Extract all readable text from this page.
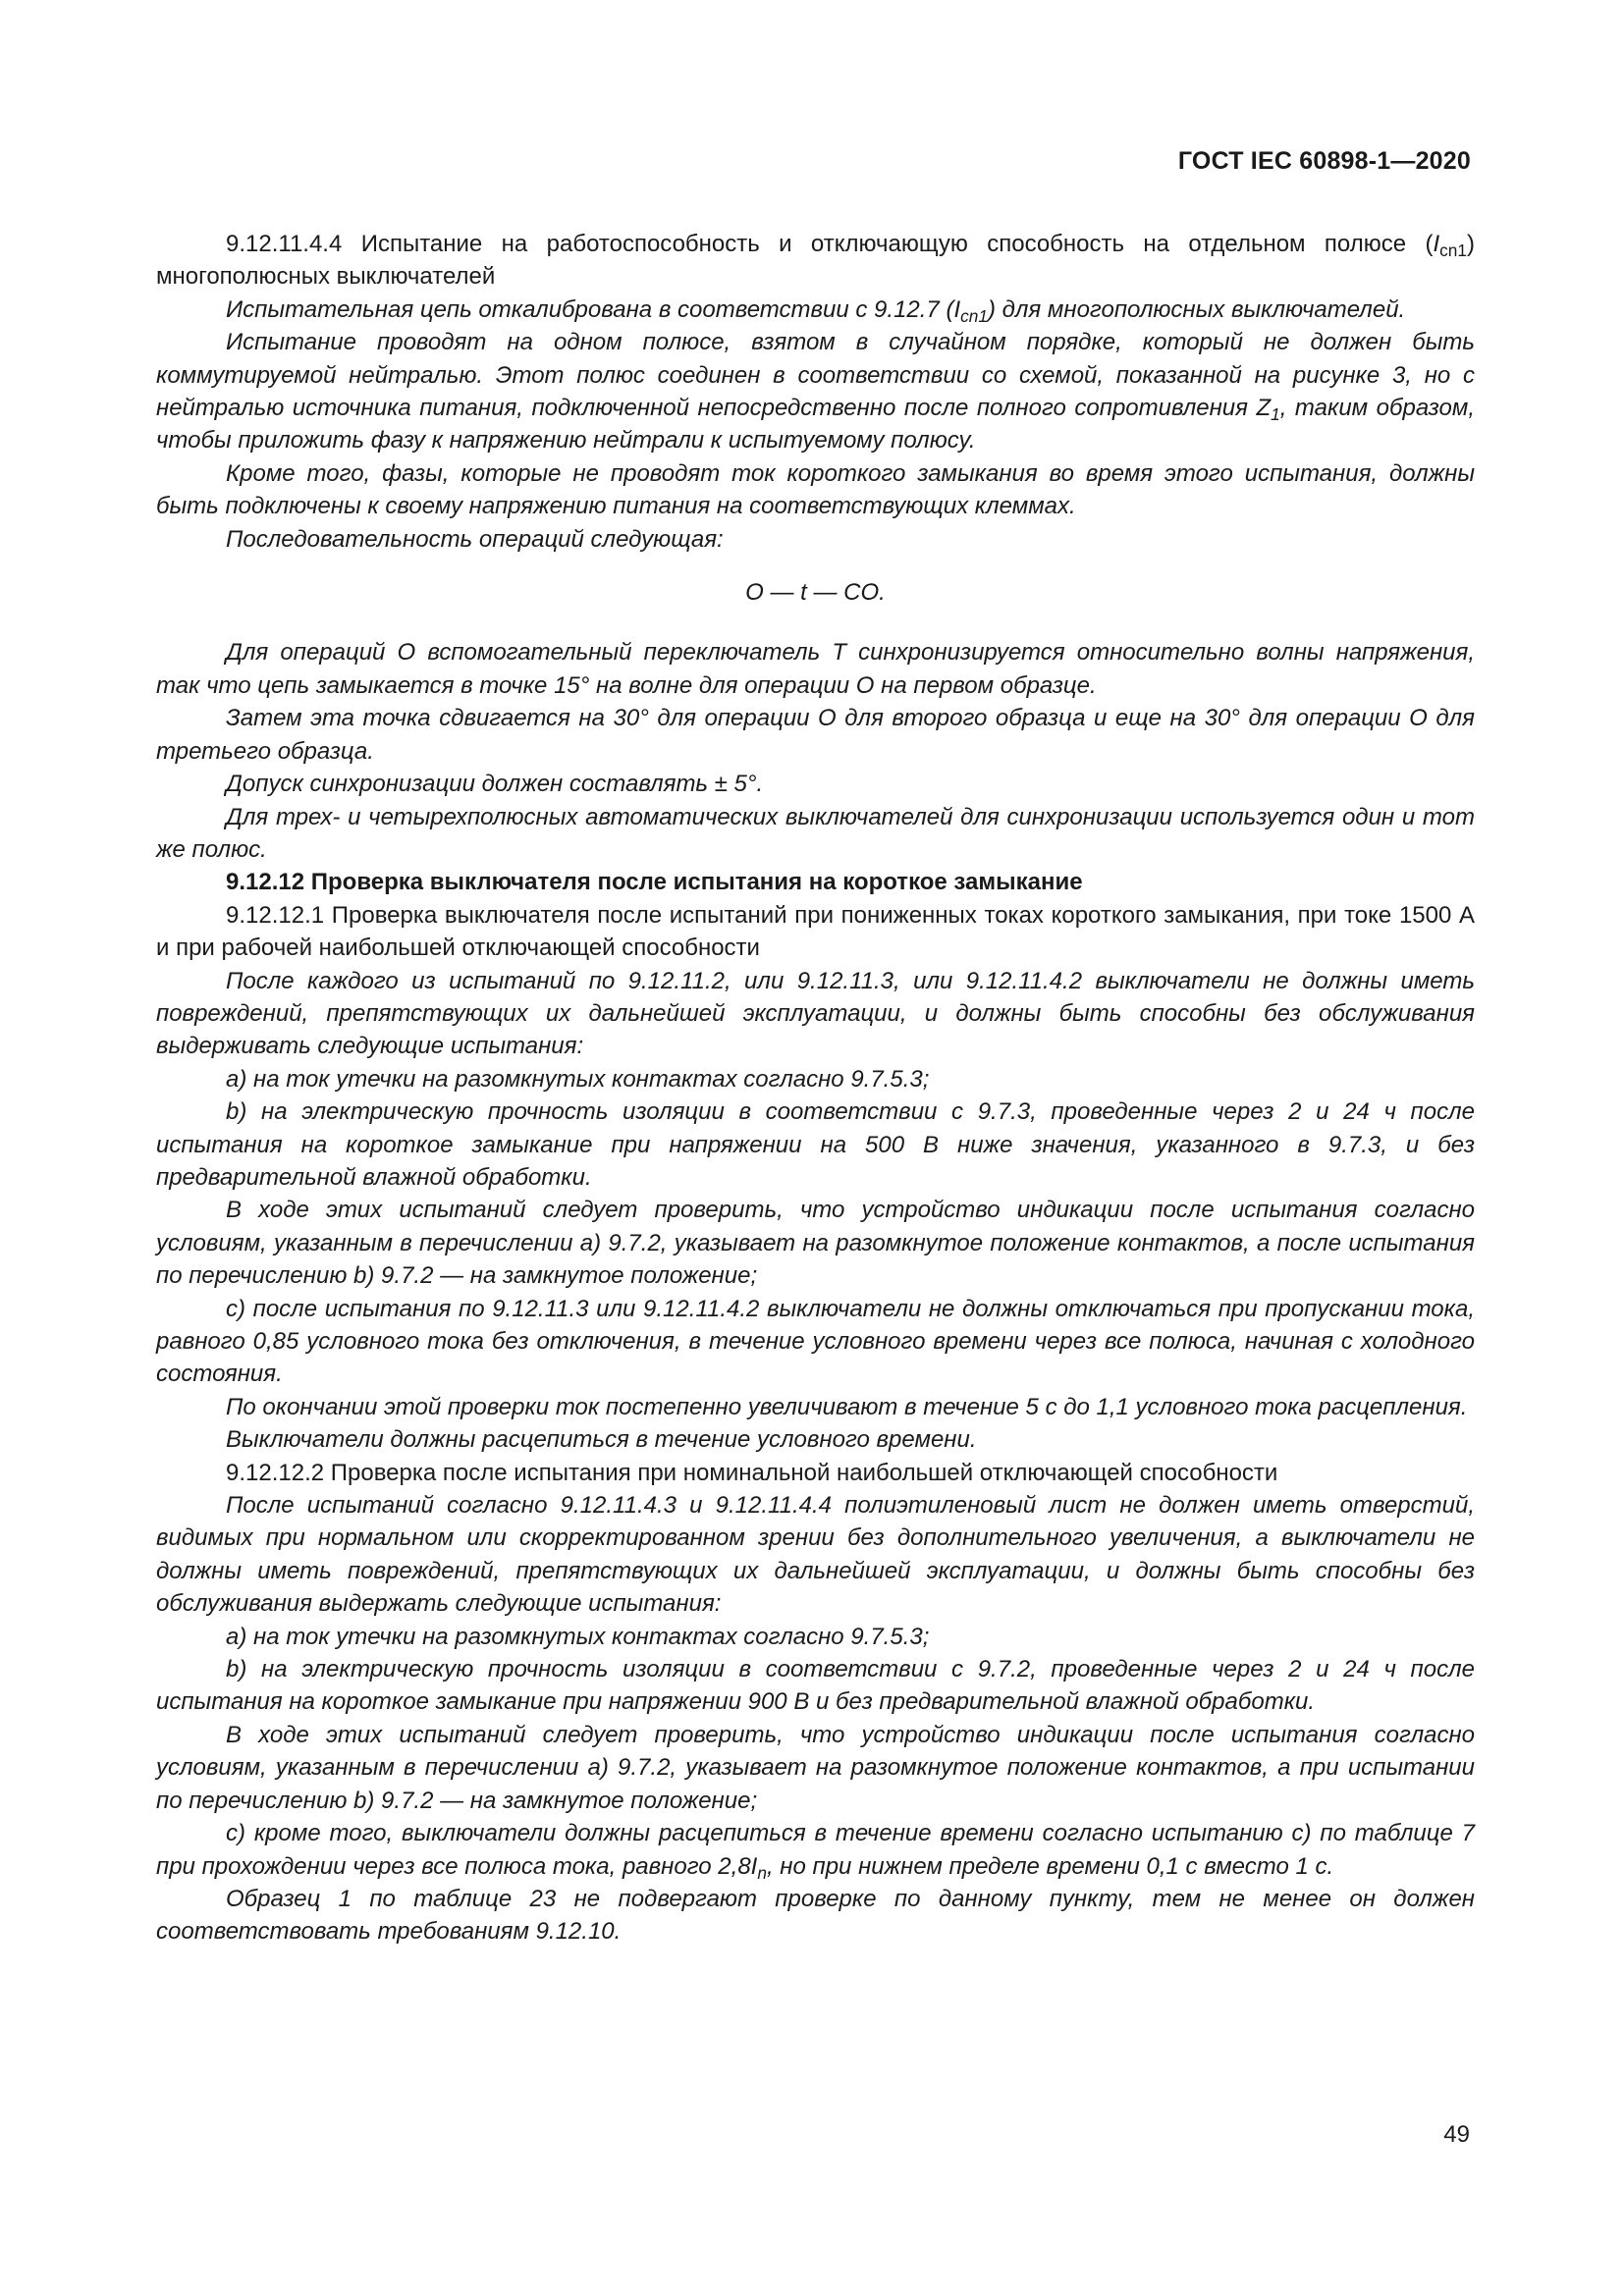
ГОСТ IEC 60898-1—2020

9.12.11.4.4 Испытание на работоспособность и отключающую способность на отдельном полюсе $(I_{cn1})$ многополюсных выключателей

Испытательная цепь откалибрована в соответствии с 9.12.7 $(I_{cn1})$ для многополюсных выключателей.

Испытание проводят на одном полюсе, взятом в случайном порядке, который не должен быть коммутируемой нейтралью. Этот полюс соединен в соответствии со схемой, показанной на рисунке 3, но с нейтралью источника питания, подключенной непосредственно после полного сопротивления $Z_1$, таким образом, чтобы приложить фазу к напряжению нейтрали к испытуемому полюсу.

Кроме того, фазы, которые не проводят ток короткого замыкания во время этого испытания, должны быть подключены к своему напряжению питания на соответствующих клеммах.

Последовательность операций следующая:

O — t — CO.

Для операций O вспомогательный переключатель T синхронизируется относительно волны напряжения, так что цепь замыкается в точке 15° на волне для операции O на первом образце.

Затем эта точка сдвигается на 30° для операции O для второго образца и еще на 30° для операции O для третьего образца.

Допуск синхронизации должен составлять ± 5°.

Для трех- и четырехполюсных автоматических выключателей для синхронизации используется один и тот же полюс.

9.12.12 Проверка выключателя после испытания на короткое замыкание

9.12.12.1 Проверка выключателя после испытаний при пониженных токах короткого замыкания, при токе 1500 А и при рабочей наибольшей отключающей способности

После каждого из испытаний по 9.12.11.2, или 9.12.11.3, или 9.12.11.4.2 выключатели не должны иметь повреждений, препятствующих их дальнейшей эксплуатации, и должны быть способны без обслуживания выдерживать следующие испытания:

a) на ток утечки на разомкнутых контактах согласно 9.7.5.3;

b) на электрическую прочность изоляции в соответствии с 9.7.3, проведенные через 2 и 24 ч после испытания на короткое замыкание при напряжении на 500 В ниже значения, указанного в 9.7.3, и без предварительной влажной обработки.

В ходе этих испытаний следует проверить, что устройство индикации после испытания согласно условиям, указанным в перечислении a) 9.7.2, указывает на разомкнутое положение контактов, а после испытания по перечислению b) 9.7.2 — на замкнутое положение;

c) после испытания по 9.12.11.3 или 9.12.11.4.2 выключатели не должны отключаться при пропускании тока, равного 0,85 условного тока без отключения, в течение условного времени через все полюса, начиная с холодного состояния.

По окончании этой проверки ток постепенно увеличивают в течение 5 с до 1,1 условного тока расцепления.

Выключатели должны расцепиться в течение условного времени.

9.12.12.2 Проверка после испытания при номинальной наибольшей отключающей способности

После испытаний согласно 9.12.11.4.3 и 9.12.11.4.4 полиэтиленовый лист не должен иметь отверстий, видимых при нормальном или скорректированном зрении без дополнительного увеличения, а выключатели не должны иметь повреждений, препятствующих их дальнейшей эксплуатации, и должны быть способны без обслуживания выдержать следующие испытания:

a) на ток утечки на разомкнутых контактах согласно 9.7.5.3;

b) на электрическую прочность изоляции в соответствии с 9.7.2, проведенные через 2 и 24 ч после испытания на короткое замыкание при напряжении 900 В и без предварительной влажной обработки.

В ходе этих испытаний следует проверить, что устройство индикации после испытания согласно условиям, указанным в перечислении a) 9.7.2, указывает на разомкнутое положение контактов, а при испытании по перечислению b) 9.7.2 — на замкнутое положение;

c) кроме того, выключатели должны расцепиться в течение времени согласно испытанию c) по таблице 7 при прохождении через все полюса тока, равного $2,8I_n$, но при нижнем пределе времени 0,1 с вместо 1 с.

Образец 1 по таблице 23 не подвергают проверке по данному пункту, тем не менее он должен соответствовать требованиям 9.12.10.

49
